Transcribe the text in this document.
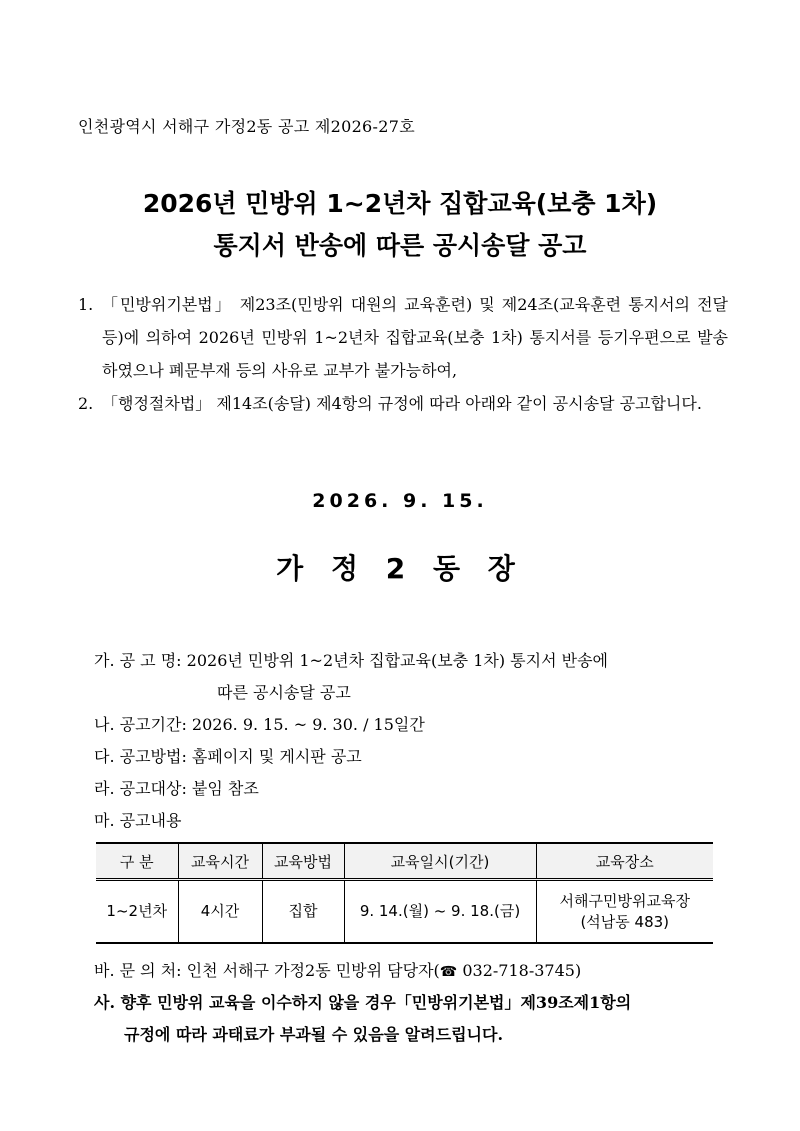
인천광역시 서해구 가정2동 공고 제2026-27호
2026년 민방위 1~2년차 집합교육(보충 1차)
통지서 반송에 따른 공시송달 공고
1. 「민방위기본법」 제23조(민방위 대원의 교육훈련) 및 제24조(교육훈련 통지서의 전달 등)에 의하여 2026년 민방위 1~2년차 집합교육(보충 1차) 통지서를 등기우편으로 발송하였으나 폐문부재 등의 사유로 교부가 불가능하여,
2. 「행정절차법」 제14조(송달) 제4항의 규정에 따라 아래와 같이 공시송달 공고합니다.
2026. 9. 15.
가 정 2 동 장
가. 공 고 명: 2026년 민방위 1~2년차 집합교육(보충 1차) 통지서 반송에
따른 공시송달 공고
나. 공고기간: 2026. 9. 15. ~ 9. 30. / 15일간
다. 공고방법: 홈페이지 및 게시판 공고
라. 공고대상: 붙임 참조
마. 공고내용
구 분	교육시간	교육방법	교육일시(기간)	교육장소
1~2년차	4시간	집합	9. 14.(월) ~ 9. 18.(금)	서해구민방위교육장
(석남동 483)
바. 문 의 처: 인천 서해구 가정2동 민방위 담당자(☎ 032-718-3745)
사. 향후 민방위 교육을 이수하지 않을 경우「민방위기본법」제39조제1항의
규정에 따라 과태료가 부과될 수 있음을 알려드립니다.
